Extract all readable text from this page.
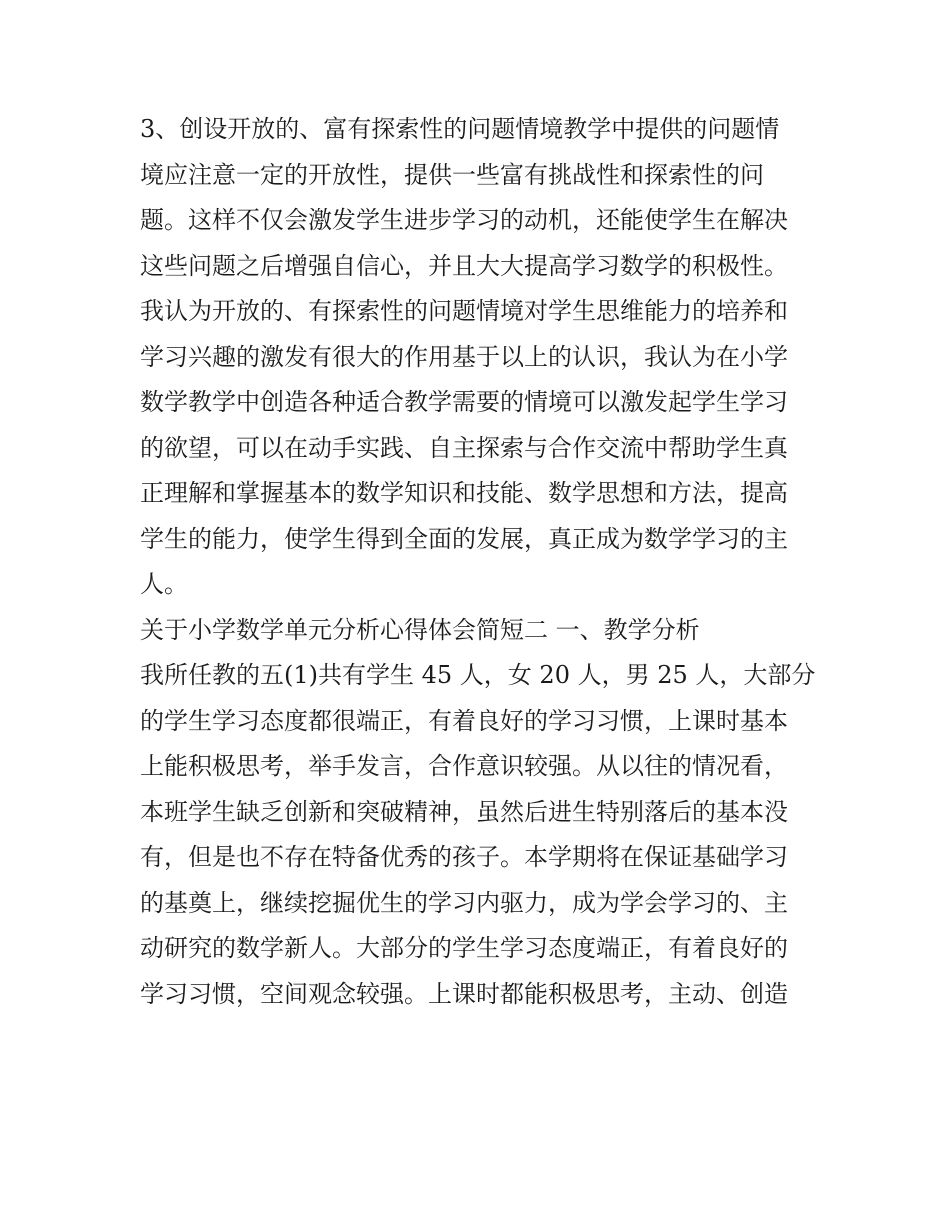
3、创设开放的、富有探索性的问题情境教学中提供的问题情
境应注意一定的开放性，提供一些富有挑战性和探索性的问
题。这样不仅会激发学生进步学习的动机，还能使学生在解决
这些问题之后增强自信心，并且大大提高学习数学的积极性。
我认为开放的、有探索性的问题情境对学生思维能力的培养和
学习兴趣的激发有很大的作用基于以上的认识，我认为在小学
数学教学中创造各种适合教学需要的情境可以激发起学生学习
的欲望，可以在动手实践、自主探索与合作交流中帮助学生真
正理解和掌握基本的数学知识和技能、数学思想和方法，提高
学生的能力，使学生得到全面的发展，真正成为数学学习的主
人。
关于小学数学单元分析心得体会简短二 一、教学分析
我所任教的五(1)共有学生 45 人，女 20 人，男 25 人，大部分
的学生学习态度都很端正，有着良好的学习习惯，上课时基本
上能积极思考，举手发言，合作意识较强。从以往的情况看，
本班学生缺乏创新和突破精神，虽然后进生特别落后的基本没
有，但是也不存在特备优秀的孩子。本学期将在保证基础学习
的基奠上，继续挖掘优生的学习内驱力，成为学会学习的、主
动研究的数学新人。大部分的学生学习态度端正，有着良好的
学习习惯，空间观念较强。上课时都能积极思考，主动、创造
